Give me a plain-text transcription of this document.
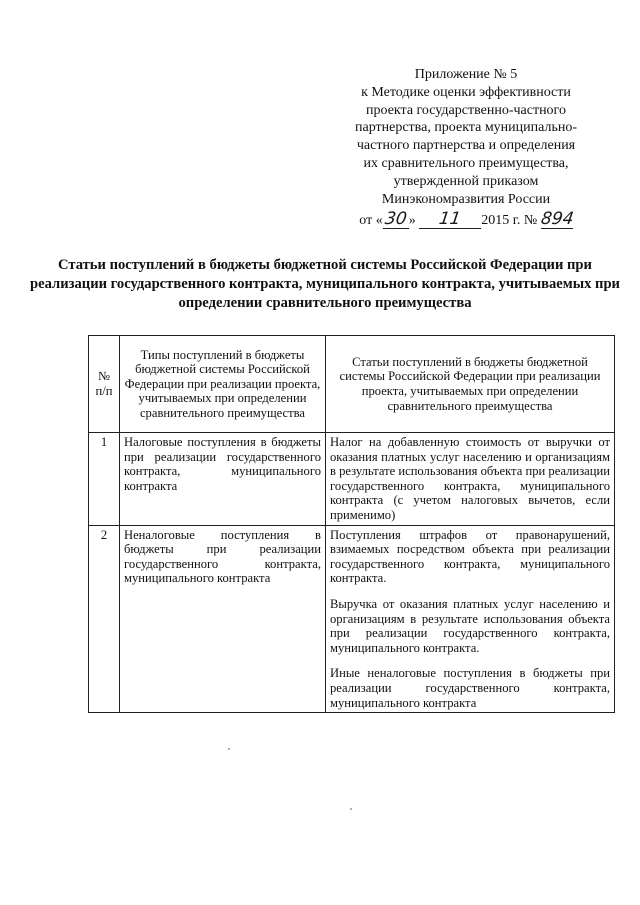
Приложение № 5
к Методике оценки эффективности
проекта государственно-частного
партнерства, проекта муниципально-
частного партнерства и определения
их сравнительного преимущества,
утвержденной приказом
Минэкономразвития России
от «30» 11 2015 г. № 894
Статьи поступлений в бюджеты бюджетной системы Российской Федерации при реализации государственного контракта, муниципального контракта, учитываемых при определении сравнительного преимущества
№ п/п	Типы поступлений в бюджеты бюджетной системы Российской Федерации при реализации проекта, учитываемых при определении сравнительного преимущества	Статьи поступлений в бюджеты бюджетной системы Российской Федерации при реализации проекта, учитываемых при определении сравнительного преимущества
1	Налоговые поступления в бюджеты при реализации государственного контракта, муниципального контракта	Налог на добавленную стоимость от выручки от оказания платных услуг населению и организациям в результате использования объекта при реализации государственного контракта, муниципального контракта (с учетом налоговых вычетов, если применимо)

2	Неналоговые поступления в бюджеты при реализации государственного контракта, муниципального контракта	Поступления штрафов от правонарушений, взимаемых посредством объекта при реализации государственного контракта, муниципального контракта.

Выручка от оказания платных услуг населению и организациям в результате использования объекта при реализации государственного контракта, муниципального контракта.

Иные неналоговые поступления в бюджеты при реализации государственного контракта, муниципального контракта
